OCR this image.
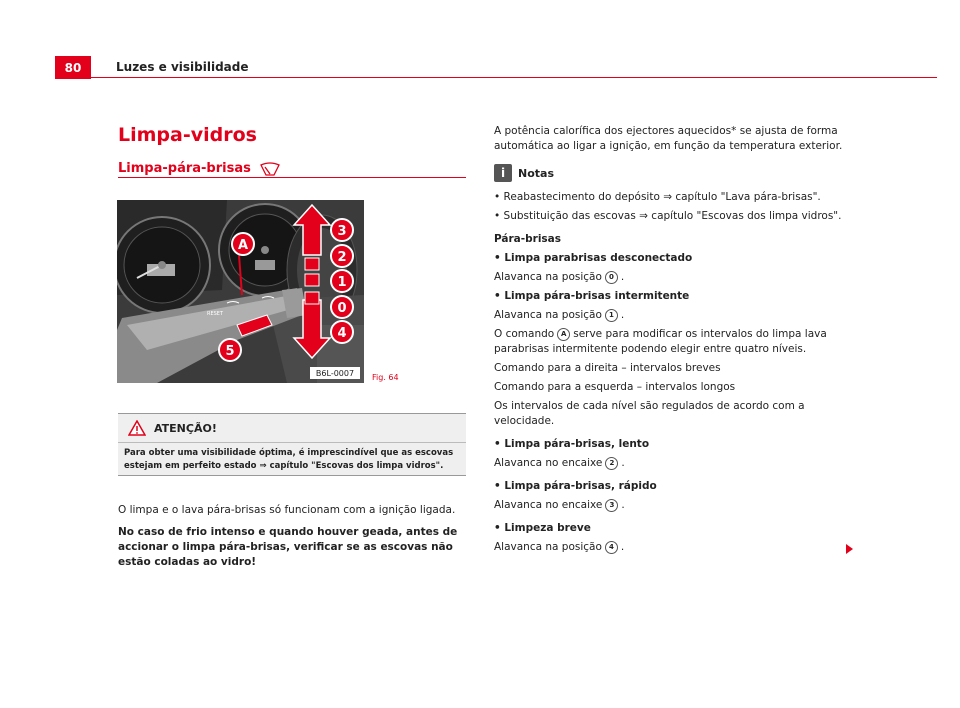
80	Luzes e visibilidade
Limpa-vidros
Limpa-pára-brisas
RESET
A
3
2
1
0
4
5
B6L-0007 Fig. 64
ATENÇÃO!
Para obter uma visibilidade óptima, é imprescindível que as escovas estejam em perfeito estado ⇒ capítulo "Escovas dos limpa vidros".

O limpa e o lava pára-brisas só funcionam com a ignição ligada.

No caso de frio intenso e quando houver geada, antes de accionar o limpa pára-brisas, verificar se as escovas não estão coladas ao vidro!

A potência calorífica dos ejectores aquecidos* se ajusta de forma automática ao ligar a ignição, em função da temperatura exterior.

i	Notas

• Reabastecimento do depósito ⇒ capítulo "Lava pára-brisas".

• Substituição das escovas ⇒ capítulo "Escovas dos limpa vidros".

Pára-brisas

• Limpa parabrisas desconectado

Alavanca na posição 0 .

• Limpa pára-brisas intermitente

Alavanca na posição 1 .

O comando A serve para modificar os intervalos do limpa lava parabrisas intermitente podendo elegir entre quatro níveis.

Comando para a direita – intervalos breves

Comando para a esquerda – intervalos longos

Os intervalos de cada nível são regulados de acordo com a velocidade.

• Limpa pára-brisas, lento

Alavanca no encaixe 2 .

• Limpa pára-brisas, rápido

Alavanca no encaixe 3 .

• Limpeza breve

Alavanca na posição 4 .
